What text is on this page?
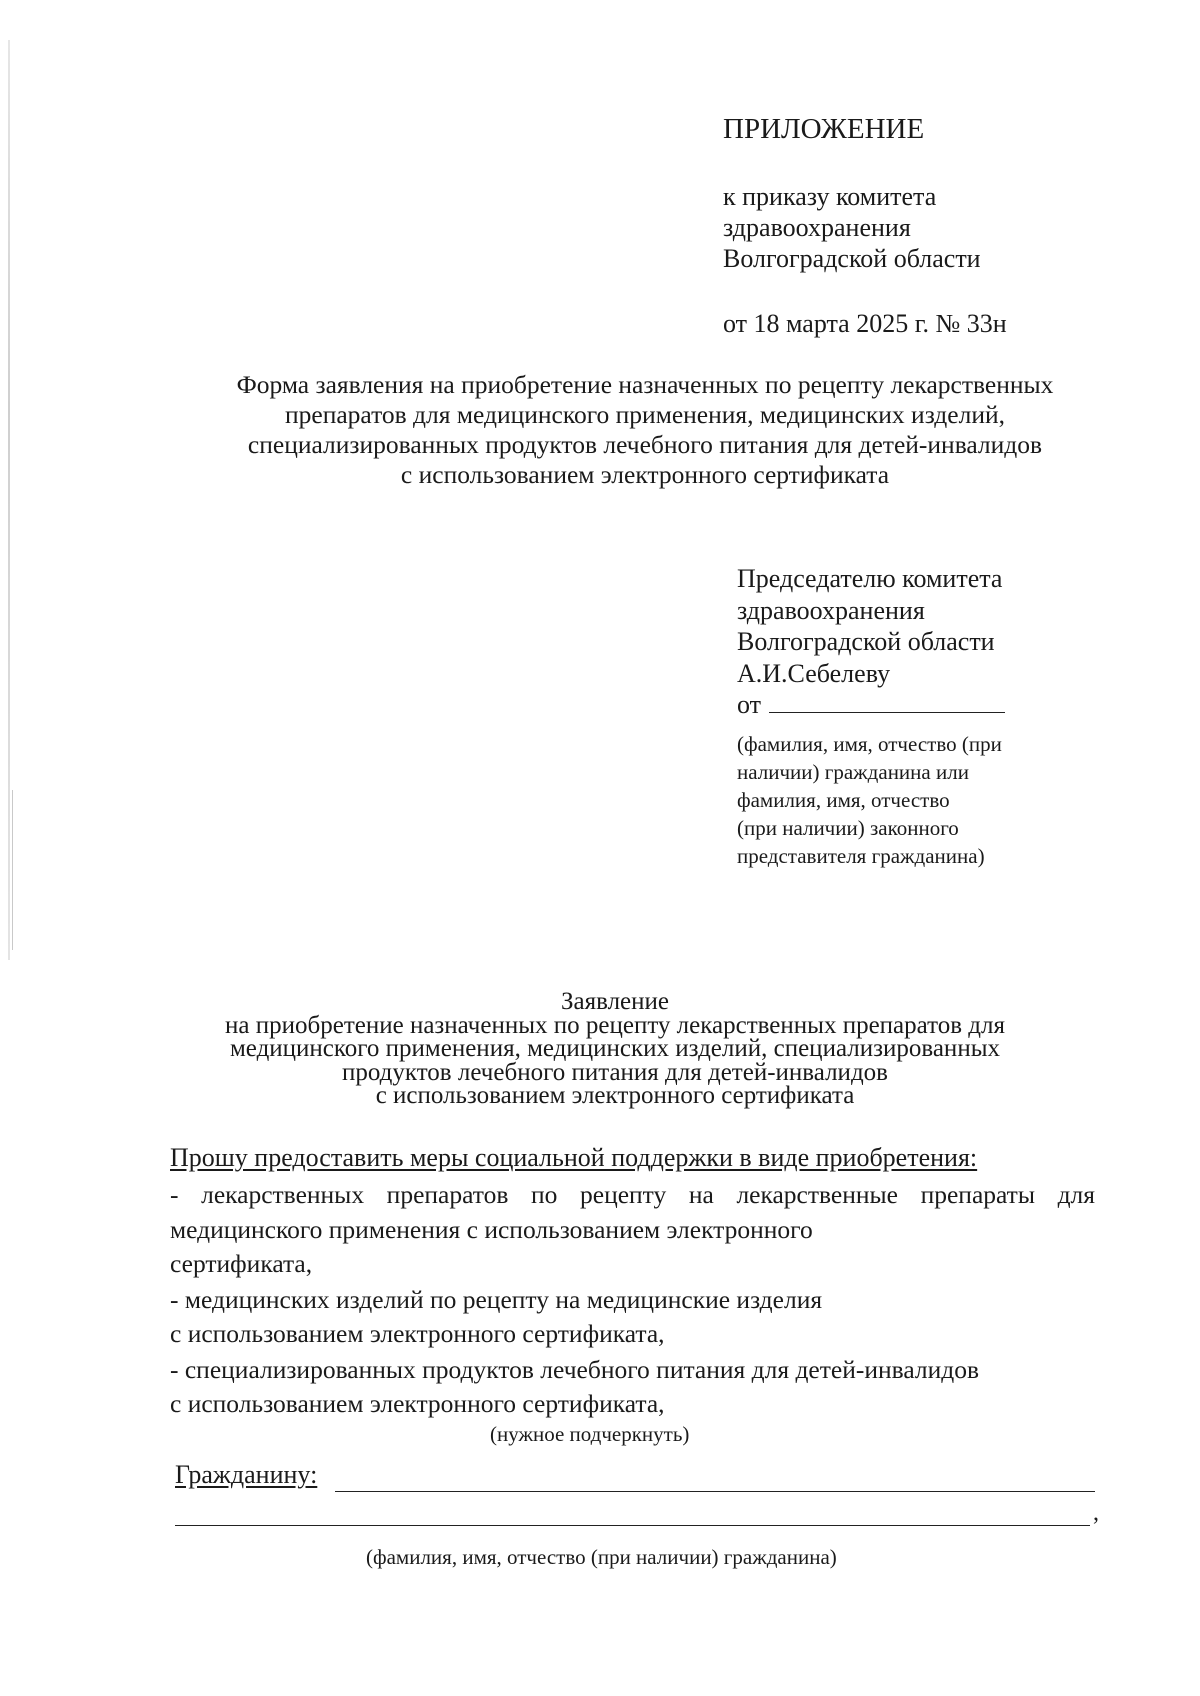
ПРИЛОЖЕНИЕ
к приказу комитета
здравоохранения
Волгоградской области
от 18 марта 2025 г. № 33н
Форма заявления на приобретение назначенных по рецепту лекарственных
препаратов для медицинского применения, медицинских изделий,
специализированных продуктов лечебного питания для детей-инвалидов
с использованием электронного сертификата
Председателю комитета
здравоохранения
Волгоградской области
А.И.Себелеву
от
(фамилия, имя, отчество (при
наличии) гражданина или
фамилия, имя, отчество
(при наличии) законного
представителя гражданина)
Заявление
на приобретение назначенных по рецепту лекарственных препаратов для
медицинского применения, медицинских изделий, специализированных
продуктов лечебного питания для детей-инвалидов
с использованием электронного сертификата
Прошу предоставить меры социальной поддержки в виде приобретения:

- лекарственных препаратов по рецепту на лекарственные препараты для медицинского применения с использованием электронного
сертификата,

- медицинских изделий по рецепту на медицинские изделия
с использованием электронного сертификата,

- специализированных продуктов лечебного питания для детей-инвалидов
с использованием электронного сертификата,

(нужное подчеркнуть)
Гражданину:
,
(фамилия, имя, отчество (при наличии) гражданина)
